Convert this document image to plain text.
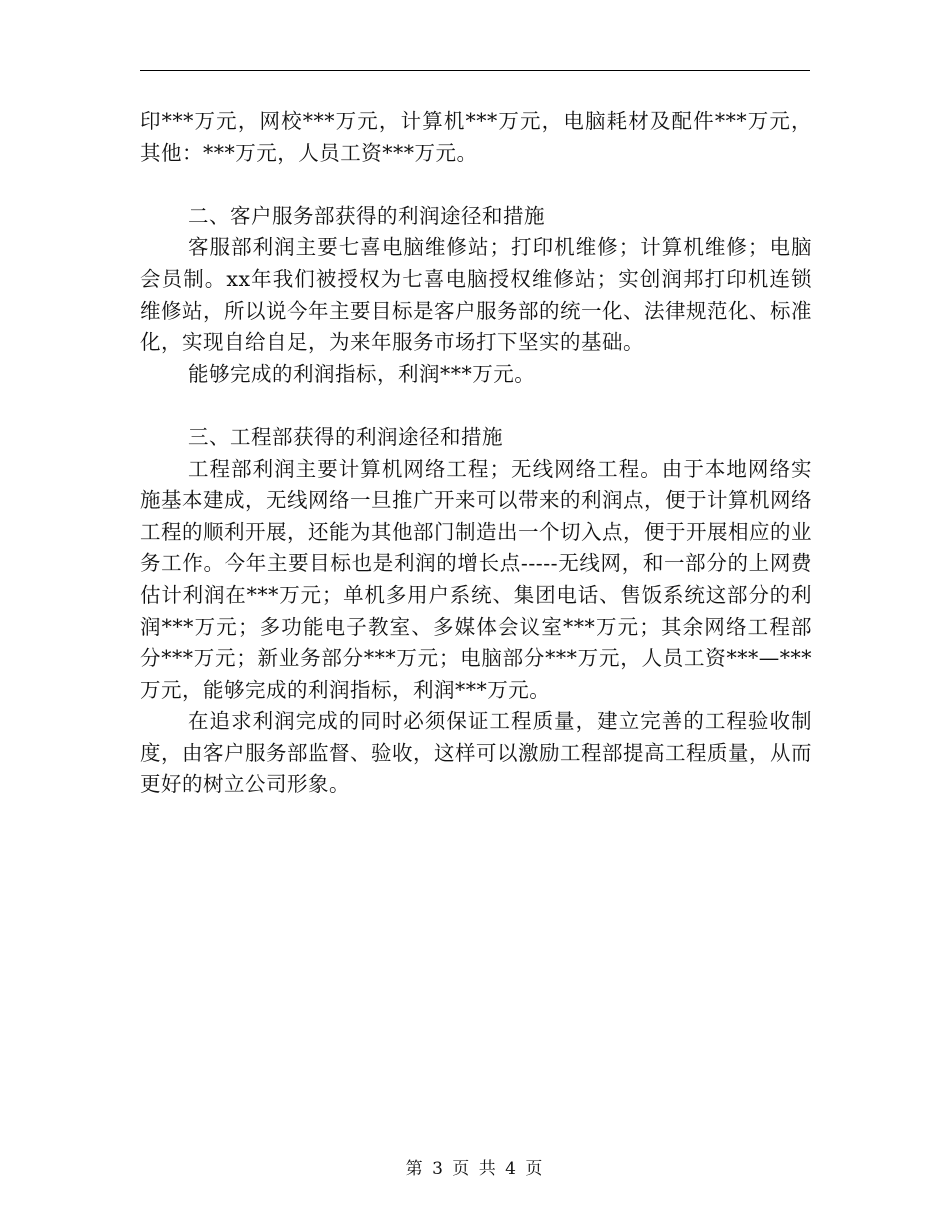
印***万元，网校***万元，计算机***万元，电脑耗材及配件***万元，其他：***万元，人员工资***万元。

二、客户服务部获得的利润途径和措施

客服部利润主要七喜电脑维修站；打印机维修；计算机维修；电脑会员制。xx年我们被授权为七喜电脑授权维修站；实创润邦打印机连锁维修站，所以说今年主要目标是客户服务部的统一化、法律规范化、标准化，实现自给自足，为来年服务市场打下坚实的基础。

能够完成的利润指标，利润***万元。

三、工程部获得的利润途径和措施

工程部利润主要计算机网络工程；无线网络工程。由于本地网络实施基本建成，无线网络一旦推广开来可以带来的利润点，便于计算机网络工程的顺利开展，还能为其他部门制造出一个切入点，便于开展相应的业务工作。今年主要目标也是利润的增长点-----无线网，和一部分的上网费估计利润在***万元；单机多用户系统、集团电话、售饭系统这部分的利润***万元；多功能电子教室、多媒体会议室***万元；其余网络工程部分***万元；新业务部分***万元；电脑部分***万元，人员工资***—***万元，能够完成的利润指标，利润***万元。

在追求利润完成的同时必须保证工程质量，建立完善的工程验收制度，由客户服务部监督、验收，这样可以激励工程部提高工程质量，从而更好的树立公司形象。

第 3 页 共 4 页
